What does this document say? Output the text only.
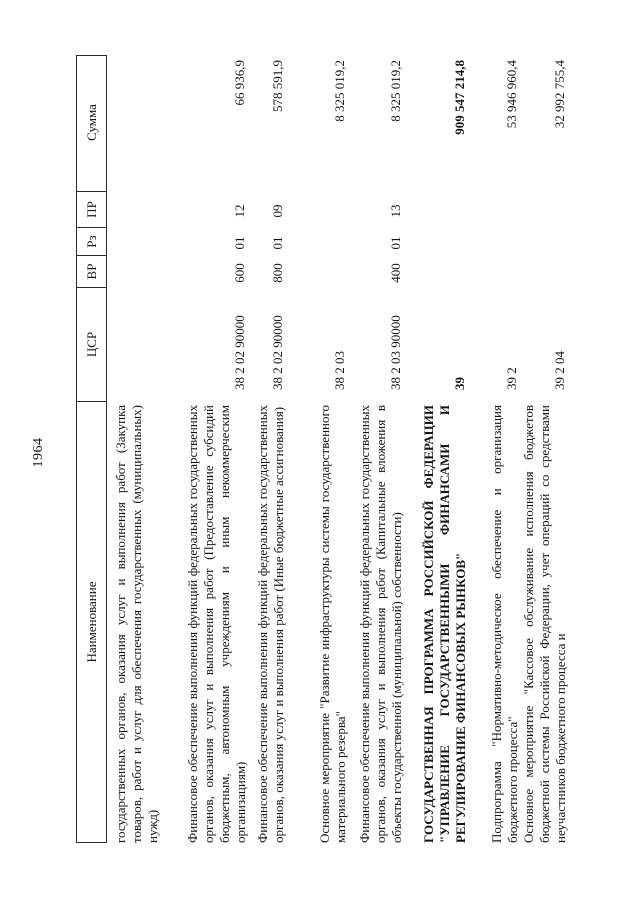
1964
Наименование
ЦСР
ВР
Рз
ПР
Сумма
государственных органов, оказания услуг и выполнения работ (Закупка товаров, работ и услуг для обеспечения государственных (муниципальных) нужд) Финансовое обеспечение выполнения функций федеральных государственных органов, оказания услуг и выполнения работ (Предоставление субсидий бюджетным, автономным учреждениям и иным некоммерческим организациям)
38 2 02 90000
600
01
12
66 936,9
Финансовое обеспечение выполнения функций федеральных государственных органов, оказания услуг и выполнения работ (Иные бюджетные ассигнования)
38 2 02 90000
800
01
09
578 591,9
Основное мероприятие "Развитие инфраструктуры системы государственного материального резерва"
38 2 03
8 325 019,2
Финансовое обеспечение выполнения функций федеральных государственных органов, оказания услуг и выполнения работ (Капитальные вложения в объекты государственной (муниципальной) собственности)
38 2 03 90000
400
01
13
8 325 019,2
ГОСУДАРСТВЕННАЯ ПРОГРАММА РОССИЙСКОЙ ФЕДЕРАЦИИ "УПРАВЛЕНИЕ ГОСУДАРСТВЕННЫМИ ФИНАНСАМИ И РЕГУЛИРОВАНИЕ ФИНАНСОВЫХ РЫНКОВ"
39
909 547 214,8
Подпрограмма "Нормативно-методическое обеспечение и организация бюджетного процесса"
39 2
53 946 960,4
Основное мероприятие "Кассовое обслуживание исполнения бюджетов бюджетной системы Российской Федерации, учет операций со средствами неучастников бюджетного процесса и
39 2 04
32 992 755,4
